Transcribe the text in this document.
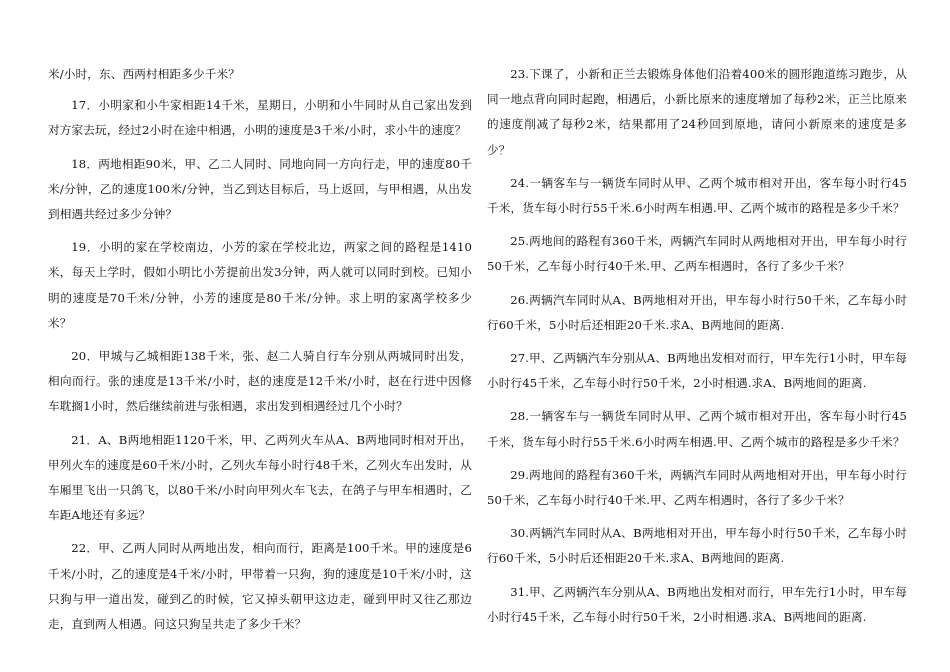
米/小时，东、西两村相距多少千米？

17．小明家和小牛家相距14千米，星期日，小明和小牛同时从自己家出发到对方家去玩，经过2小时在途中相遇，小明的速度是3千米/小时，求小牛的速度？

18．两地相距90米，甲、乙二人同时、同地向同一方向行走，甲的速度80千米/分钟，乙的速度100米/分钟，当乙到达目标后，马上返回，与甲相遇，从出发到相遇共经过多少分钟？

19．小明的家在学校南边，小芳的家在学校北边，两家之间的路程是1410米，每天上学时，假如小明比小芳提前出发3分钟，两人就可以同时到校。已知小明的速度是70千米/分钟，小芳的速度是80千米/分钟。求上明的家离学校多少米？

20．甲城与乙城相距138千米，张、赵二人骑自行车分别从两城同时出发，相向而行。张的速度是13千米/小时，赵的速度是12千米/小时，赵在行进中因修车耽搁1小时，然后继续前进与张相遇，求出发到相遇经过几个小时？

21．A、B两地相距1120千米，甲、乙两列火车从A、B两地同时相对开出，甲列火车的速度是60千米/小时，乙列火车每小时行48千米，乙列火车出发时，从车厢里飞出一只鸽飞，以80千米/小时向甲列火车飞去，在鸽子与甲车相遇时，乙车距A地还有多远？

22．甲、乙两人同时从两地出发，相向而行，距离是100千米。甲的速度是6千米/小时，乙的速度是4千米/小时，甲带着一只狗，狗的速度是10千米/小时，这只狗与甲一道出发，碰到乙的时候，它又掉头朝甲这边走，碰到甲时又往乙那边走，直到两人相遇。问这只狗呈共走了多少千米？

23.下课了，小新和正兰去锻炼身体他们沿着400米的圆形跑道练习跑步，从同一地点背向同时起跑，相遇后，小新比原来的速度增加了每秒2米，正兰比原来的速度削减了每秒2米，结果都用了24秒回到原地，请问小新原来的速度是多少？

24.一辆客车与一辆货车同时从甲、乙两个城市相对开出，客车每小时行45千米，货车每小时行55千米.6小时两车相遇.甲、乙两个城市的路程是多少千米？

25.两地间的路程有360千米，两辆汽车同时从两地相对开出，甲车每小时行50千米，乙车每小时行40千米.甲、乙两车相遇时，各行了多少千米？

26.两辆汽车同时从A、B两地相对开出，甲车每小时行50千米，乙车每小时行60千米，5小时后还相距20千米.求A、B两地间的距离.

27.甲、乙两辆汽车分别从A、B两地出发相对而行，甲车先行1小时，甲车每小时行45千米，乙车每小时行50千米，2小时相遇.求A、B两地间的距离.

28.一辆客车与一辆货车同时从甲、乙两个城市相对开出，客车每小时行45千米，货车每小时行55千米.6小时两车相遇.甲、乙两个城市的路程是多少千米？

29.两地间的路程有360千米，两辆汽车同时从两地相对开出，甲车每小时行50千米，乙车每小时行40千米.甲、乙两车相遇时，各行了多少千米？

30.两辆汽车同时从A、B两地相对开出，甲车每小时行50千米，乙车每小时行60千米，5小时后还相距20千米.求A、B两地间的距离.

31.甲、乙两辆汽车分别从A、B两地出发相对而行，甲车先行1小时，甲车每小时行45千米，乙车每小时行50千米，2小时相遇.求A、B两地间的距离.
